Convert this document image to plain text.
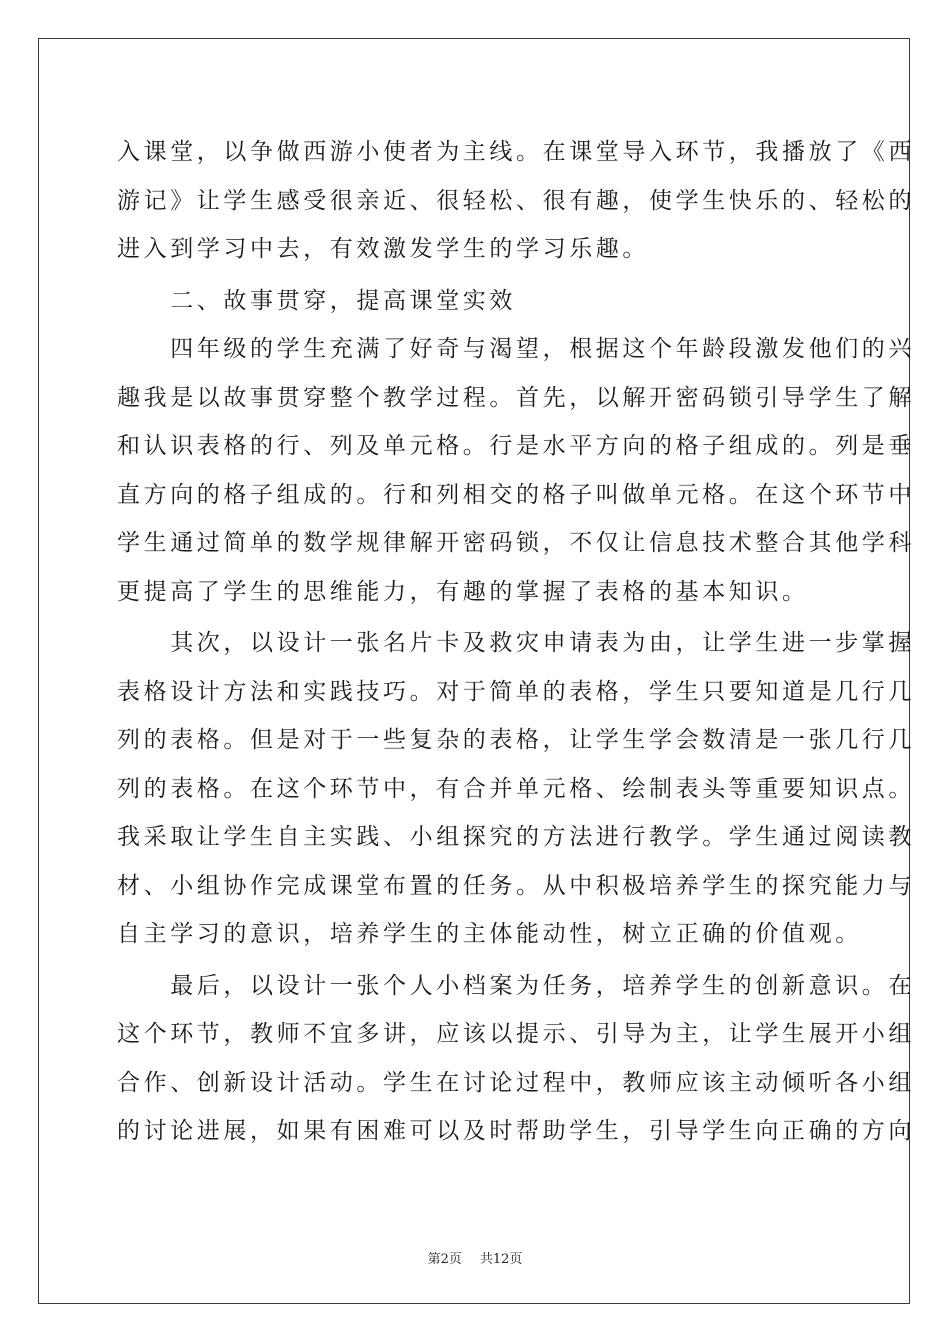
入课堂，以争做西游小使者为主线。在课堂导入环节，我播放了《西
游记》让学生感受很亲近、很轻松、很有趣，使学生快乐的、轻松的
进入到学习中去，有效激发学生的学习乐趣。
　　二、故事贯穿，提高课堂实效
　　四年级的学生充满了好奇与渴望，根据这个年龄段激发他们的兴
趣我是以故事贯穿整个教学过程。首先，以解开密码锁引导学生了解
和认识表格的行、列及单元格。行是水平方向的格子组成的。列是垂
直方向的格子组成的。行和列相交的格子叫做单元格。在这个环节中
学生通过简单的数学规律解开密码锁，不仅让信息技术整合其他学科
更提高了学生的思维能力，有趣的掌握了表格的基本知识。
　　其次，以设计一张名片卡及救灾申请表为由，让学生进一步掌握
表格设计方法和实践技巧。对于简单的表格，学生只要知道是几行几
列的表格。但是对于一些复杂的表格，让学生学会数清是一张几行几
列的表格。在这个环节中，有合并单元格、绘制表头等重要知识点。
我采取让学生自主实践、小组探究的方法进行教学。学生通过阅读教
材、小组协作完成课堂布置的任务。从中积极培养学生的探究能力与
自主学习的意识，培养学生的主体能动性，树立正确的价值观。
　　最后，以设计一张个人小档案为任务，培养学生的创新意识。在
这个环节，教师不宜多讲，应该以提示、引导为主，让学生展开小组
合作、创新设计活动。学生在讨论过程中，教师应该主动倾听各小组
的讨论进展，如果有困难可以及时帮助学生，引导学生向正确的方向
第2页 共12页
